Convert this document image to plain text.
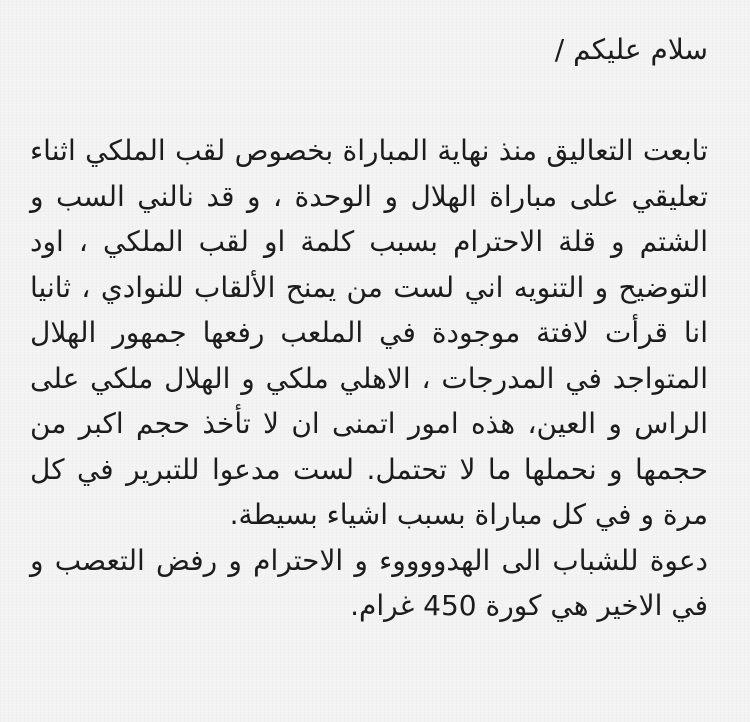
سلام عليكم /

تابعت التعاليق منذ نهاية المباراة بخصوص لقب الملكي اثناء

تعليقي على مباراة الهلال و الوحدة ، و قد نالني السب و

الشتم و قلة الاحترام بسبب كلمة او لقب الملكي ، اود

التوضيح و التنويه اني لست من يمنح الألقاب للنوادي ، ثانيا

انا قرأت لافتة موجودة في الملعب رفعها جمهور الهلال

المتواجد في المدرجات ، الاهلي ملكي و الهلال ملكي على

الراس و العين، هذه امور اتمنى ان لا تأخذ حجم اكبر من

حجمها و نحملها ما لا تحتمل. لست مدعوا للتبرير في كل

مرة و في كل مباراة بسبب اشياء بسيطة.

دعوة للشباب الى الهدووووء و الاحترام و رفض التعصب و

في الاخير هي كورة 450 غرام.
